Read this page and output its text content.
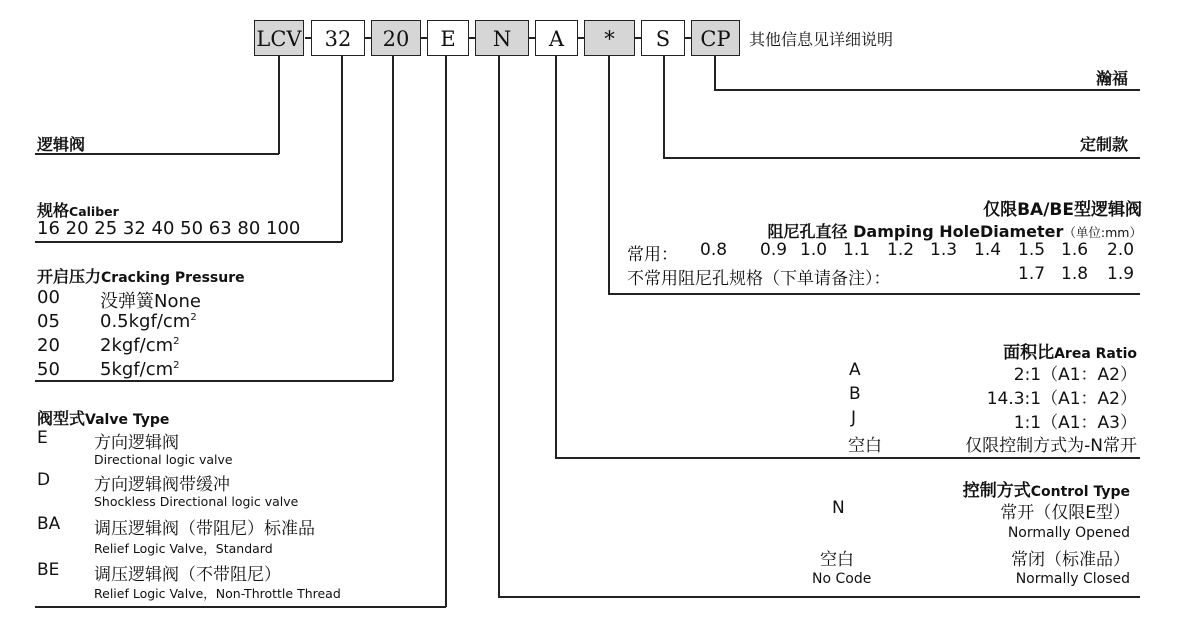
LCV	32	20	E	N	A	*	S	CP	其他信息见详细说明
瀚福
定制款
仅限BA/BE型逻辑阀
阻尼孔直径 Damping HoleDiameter（单位:mm）
常用： 0.8 0.9 1.0 1.1 1.2 1.3 1.4 1.5 1.6 2.0
不常用阻尼孔规格（下单请备注）：	1.7 1.8 1.9
面积比Area Ratio
A	2:1（A1：A2）
B	14.3:1（A1：A2）
J	1:1（A1：A3）
空白	仅限控制方式为-N常开
控制方式Control Type
N	常开（仅限E型）
Normally Opened
空白	常闭（标准品）
No Code	Normally Closed
逻辑阀
规格Caliber
16 20 25 32 40 50 63 80 100
开启压力Cracking Pressure
00 没弹簧None
05 $0.5kgf/cm^2$
20 $2kgf/cm^2$
50 $5kgf/cm^2$
阀型式Valve Type
E	方向逻辑阀
Directional logic valve
D	方向逻辑阀带缓冲
Shockless Directional logic valve
BA 调压逻辑阀（带阻尼）标准品
Relief Logic Valve，Standard
BE 调压逻辑阀（不带阻尼）
Relief Logic Valve，Non-Throttle Thread
